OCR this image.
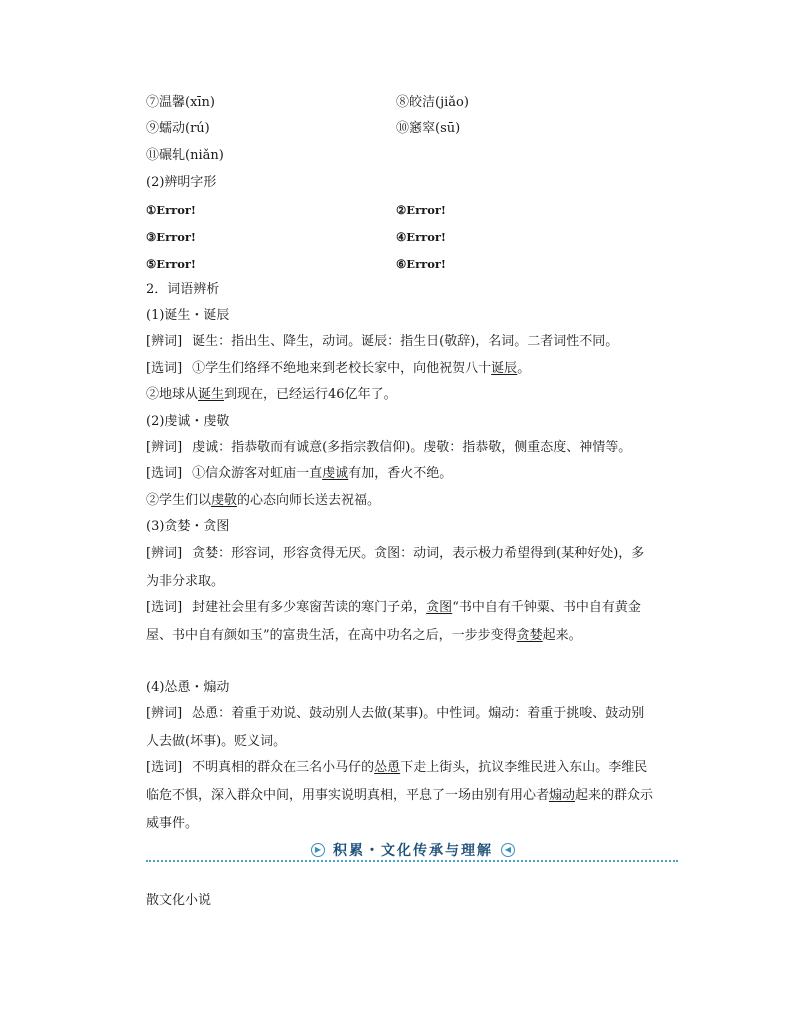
⑦温馨(xīn)	⑧皎洁(jiǎo)
⑨蠕动(rú)	⑩窸窣(sū)
⑪碾轧(niǎn)
(2)辨明字形
①Error!	②Error!
③Error!	④Error!
⑤Error!	⑥Error!
2．词语辨析
(1)诞生・诞辰
[辨词] 诞生：指出生、降生，动词。诞辰：指生日(敬辞)，名词。二者词性不同。
[选词] ①学生们络绎不绝地来到老校长家中，向他祝贺八十诞辰。
②地球从诞生到现在，已经运行46亿年了。
(2)虔诚・虔敬
[辨词] 虔诚：指恭敬而有诚意(多指宗教信仰)。虔敬：指恭敬，侧重态度、神情等。
[选词] ①信众游客对虹庙一直虔诚有加，香火不绝。
②学生们以虔敬的心态向师长送去祝福。
(3)贪婪・贪图
[辨词] 贪婪：形容词，形容贪得无厌。贪图：动词，表示极力希望得到(某种好处)，多为非分求取。
[选词] 封建社会里有多少寒窗苦读的寒门子弟，贪图“书中自有千钟粟、书中自有黄金屋、书中自有颜如玉”的富贵生活，在高中功名之后，一步步变得贪婪起来。
(4)怂恿・煽动
[辨词] 怂恿：着重于劝说、鼓动别人去做(某事)。中性词。煽动：着重于挑唆、鼓动别人去做(坏事)。贬义词。
[选词] 不明真相的群众在三名小马仔的怂恿下走上街头，抗议李维民进入东山。李维民临危不惧，深入群众中间，用事实说明真相，平息了一场由别有用心者煽动起来的群众示威事件。
▶ 积累・文化传承与理解	◀
散文化小说
